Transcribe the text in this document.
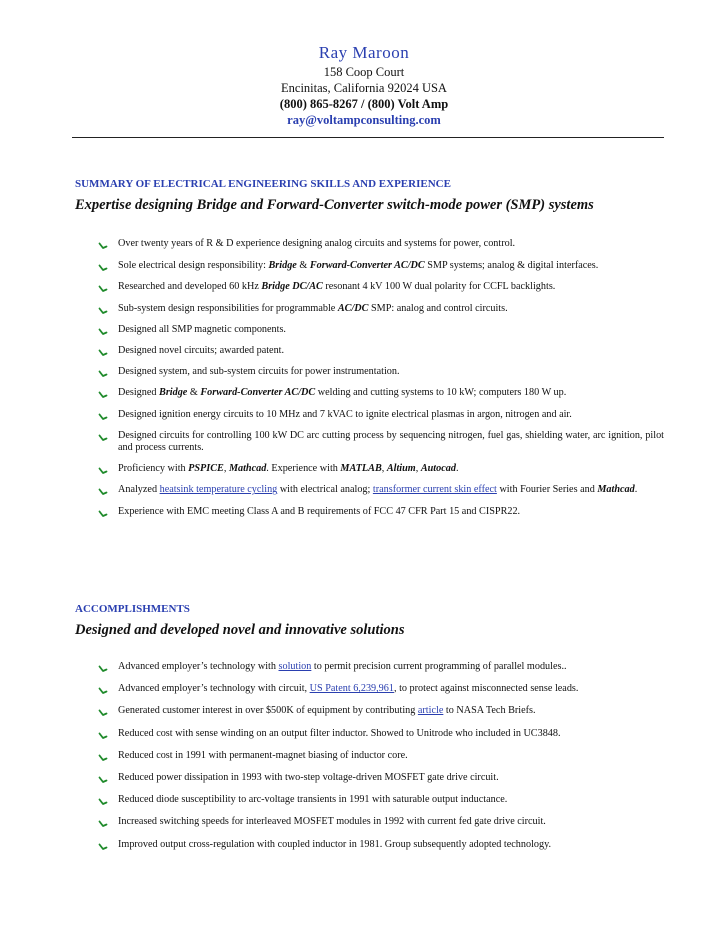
Ray Maroon
158 Coop Court
Encinitas, California 92024 USA
(800) 865-8267 / (800) Volt Amp
ray@voltampconsulting.com
SUMMARY OF ELECTRICAL ENGINEERING SKILLS AND EXPERIENCE
Expertise designing Bridge and Forward-Converter switch-mode power (SMP) systems
Over twenty years of R & D experience designing analog circuits and systems for power, control.
Sole electrical design responsibility: Bridge & Forward-Converter AC/DC SMP systems; analog & digital interfaces.
Researched and developed 60 kHz Bridge DC/AC resonant 4 kV 100 W dual polarity for CCFL backlights.
Sub-system design responsibilities for programmable AC/DC SMP: analog and control circuits.
Designed all SMP magnetic components.
Designed novel circuits; awarded patent.
Designed system, and sub-system circuits for power instrumentation.
Designed Bridge & Forward-Converter AC/DC welding and cutting systems to 10 kW; computers 180 W up.
Designed ignition energy circuits to 10 MHz and 7 kVAC to ignite electrical plasmas in argon, nitrogen and air.
Designed circuits for controlling 100 kW DC arc cutting process by sequencing nitrogen, fuel gas, shielding water, arc ignition, pilot and process currents.
Proficiency with PSPICE, Mathcad. Experience with MATLAB, Altium, Autocad.
Analyzed heatsink temperature cycling with electrical analog; transformer current skin effect with Fourier Series and Mathcad.
Experience with EMC meeting Class A and B requirements of FCC 47 CFR Part 15 and CISPR22.
ACCOMPLISHMENTS
Designed and developed novel and innovative solutions
Advanced employer’s technology with solution to permit precision current programming of parallel modules..
Advanced employer’s technology with circuit, US Patent 6,239,961, to protect against misconnected sense leads.
Generated customer interest in over $500K of equipment by contributing article to NASA Tech Briefs.
Reduced cost with sense winding on an output filter inductor. Showed to Unitrode who included in UC3848.
Reduced cost in 1991 with permanent-magnet biasing of inductor core.
Reduced power dissipation in 1993 with two-step voltage-driven MOSFET gate drive circuit.
Reduced diode susceptibility to arc-voltage transients in 1991 with saturable output inductance.
Increased switching speeds for interleaved MOSFET modules in 1992 with current fed gate drive circuit.
Improved output cross-regulation with coupled inductor in 1981. Group subsequently adopted technology.
